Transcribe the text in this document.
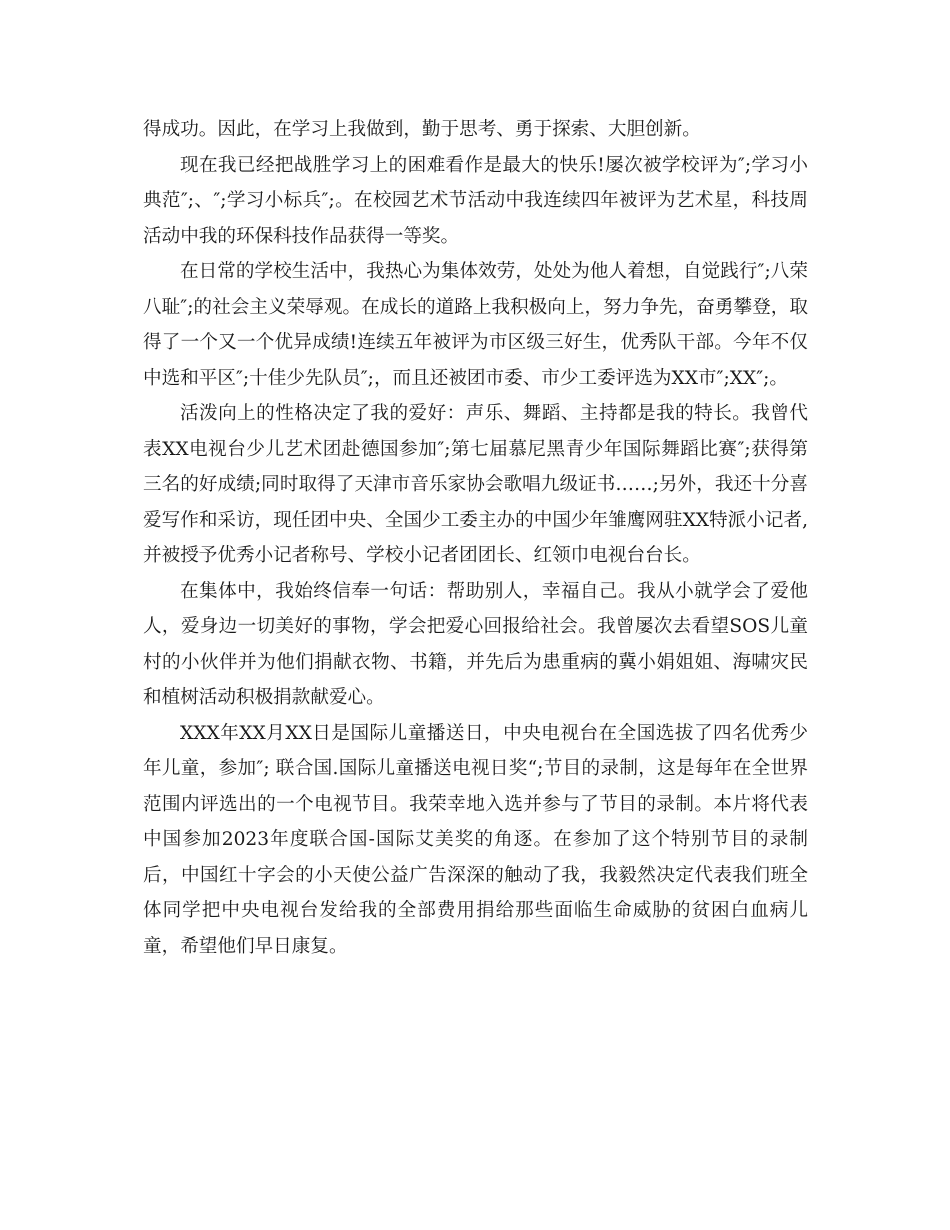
得成功。因此，在学习上我做到，勤于思考、勇于探索、大胆创新。

现在我已经把战胜学习上的困难看作是最大的快乐!屡次被学校评为″;学习小典范″;、″;学习小标兵″;。在校园艺术节活动中我连续四年被评为艺术星，科技周活动中我的环保科技作品获得一等奖。

在日常的学校生活中，我热心为集体效劳，处处为他人着想，自觉践行″;八荣八耻″;的社会主义荣辱观。在成长的道路上我积极向上，努力争先，奋勇攀登，取得了一个又一个优异成绩!连续五年被评为市区级三好生，优秀队干部。今年不仅中选和平区″;十佳少先队员″;，而且还被团市委、市少工委评选为XX市″;XX″;。

活泼向上的性格决定了我的爱好：声乐、舞蹈、主持都是我的特长。我曾代表XX电视台少儿艺术团赴德国参加″;第七届慕尼黑青少年国际舞蹈比赛″;获得第三名的好成绩;同时取得了天津市音乐家协会歌唱九级证书……;另外，我还十分喜爱写作和采访，现任团中央、全国少工委主办的中国少年雏鹰网驻XX特派小记者,并被授予优秀小记者称号、学校小记者团团长、红领巾电视台台长。

在集体中，我始终信奉一句话：帮助别人，幸福自己。我从小就学会了爱他人，爱身边一切美好的事物，学会把爱心回报给社会。我曾屡次去看望SOS儿童村的小伙伴并为他们捐献衣物、书籍，并先后为患重病的冀小娟姐姐、海啸灾民和植树活动积极捐款献爱心。

XXX年XX月XX日是国际儿童播送日，中央电视台在全国选拔了四名优秀少年儿童，参加″; 联合国.国际儿童播送电视日奖“;节目的录制，这是每年在全世界范围内评选出的一个电视节目。我荣幸地入选并参与了节目的录制。本片将代表中国参加2023年度联合国-国际艾美奖的角逐。在参加了这个特别节目的录制后，中国红十字会的小天使公益广告深深的触动了我，我毅然决定代表我们班全体同学把中央电视台发给我的全部费用捐给那些面临生命威胁的贫困白血病儿童，希望他们早日康复。
